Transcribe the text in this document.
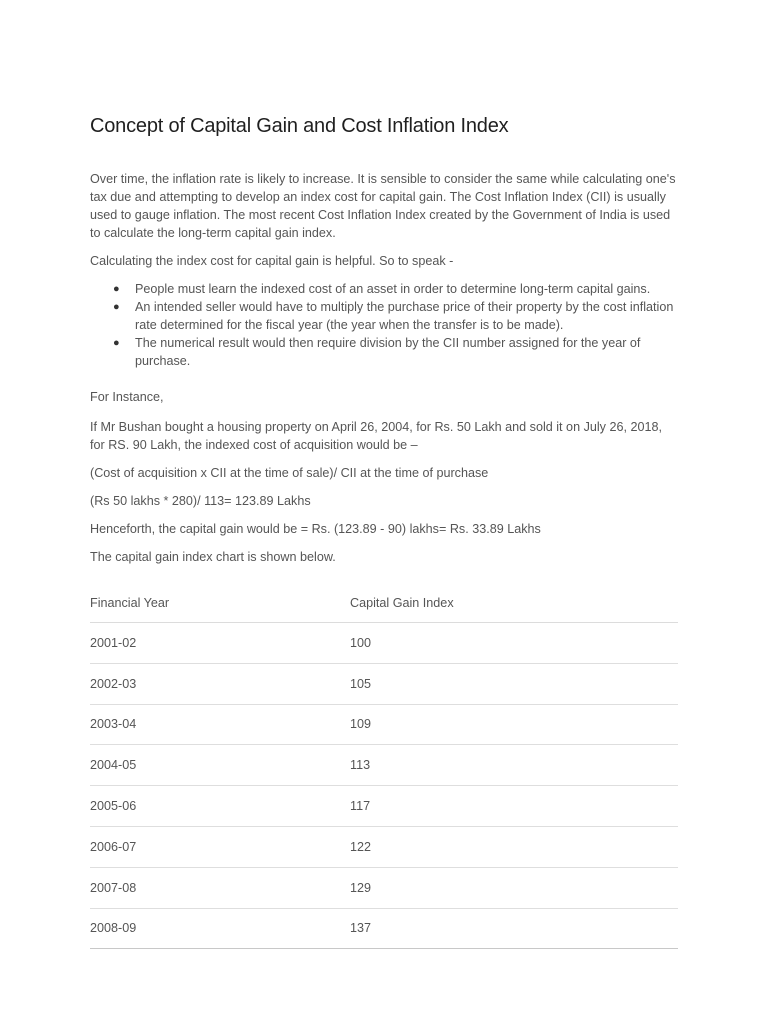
Concept of Capital Gain and Cost Inflation Index

Over time, the inflation rate is likely to increase. It is sensible to consider the same while calculating one's tax due and attempting to develop an index cost for capital gain. The Cost Inflation Index (CII) is usually used to gauge inflation. The most recent Cost Inflation Index created by the Government of India is used to calculate the long-term capital gain index.

Calculating the index cost for capital gain is helpful. So to speak -

● People must learn the indexed cost of an asset in order to determine long-term capital gains.
● An intended seller would have to multiply the purchase price of their property by the cost inflation rate determined for the fiscal year (the year when the transfer is to be made).
● The numerical result would then require division by the CII number assigned for the year of purchase.

For Instance,

If Mr Bushan bought a housing property on April 26, 2004, for Rs. 50 Lakh and sold it on July 26, 2018, for RS. 90 Lakh, the indexed cost of acquisition would be –

(Cost of acquisition x CII at the time of sale)/ CII at the time of purchase

(Rs 50 lakhs * 280)/ 113= 123.89 Lakhs

Henceforth, the capital gain would be = Rs. (123.89 - 90) lakhs= Rs. 33.89 Lakhs

The capital gain index chart is shown below.

Financial Year	Capital Gain Index
2001-02	100
2002-03	105
2003-04	109
2004-05	113
2005-06	117
2006-07	122
2007-08	129
2008-09	137
